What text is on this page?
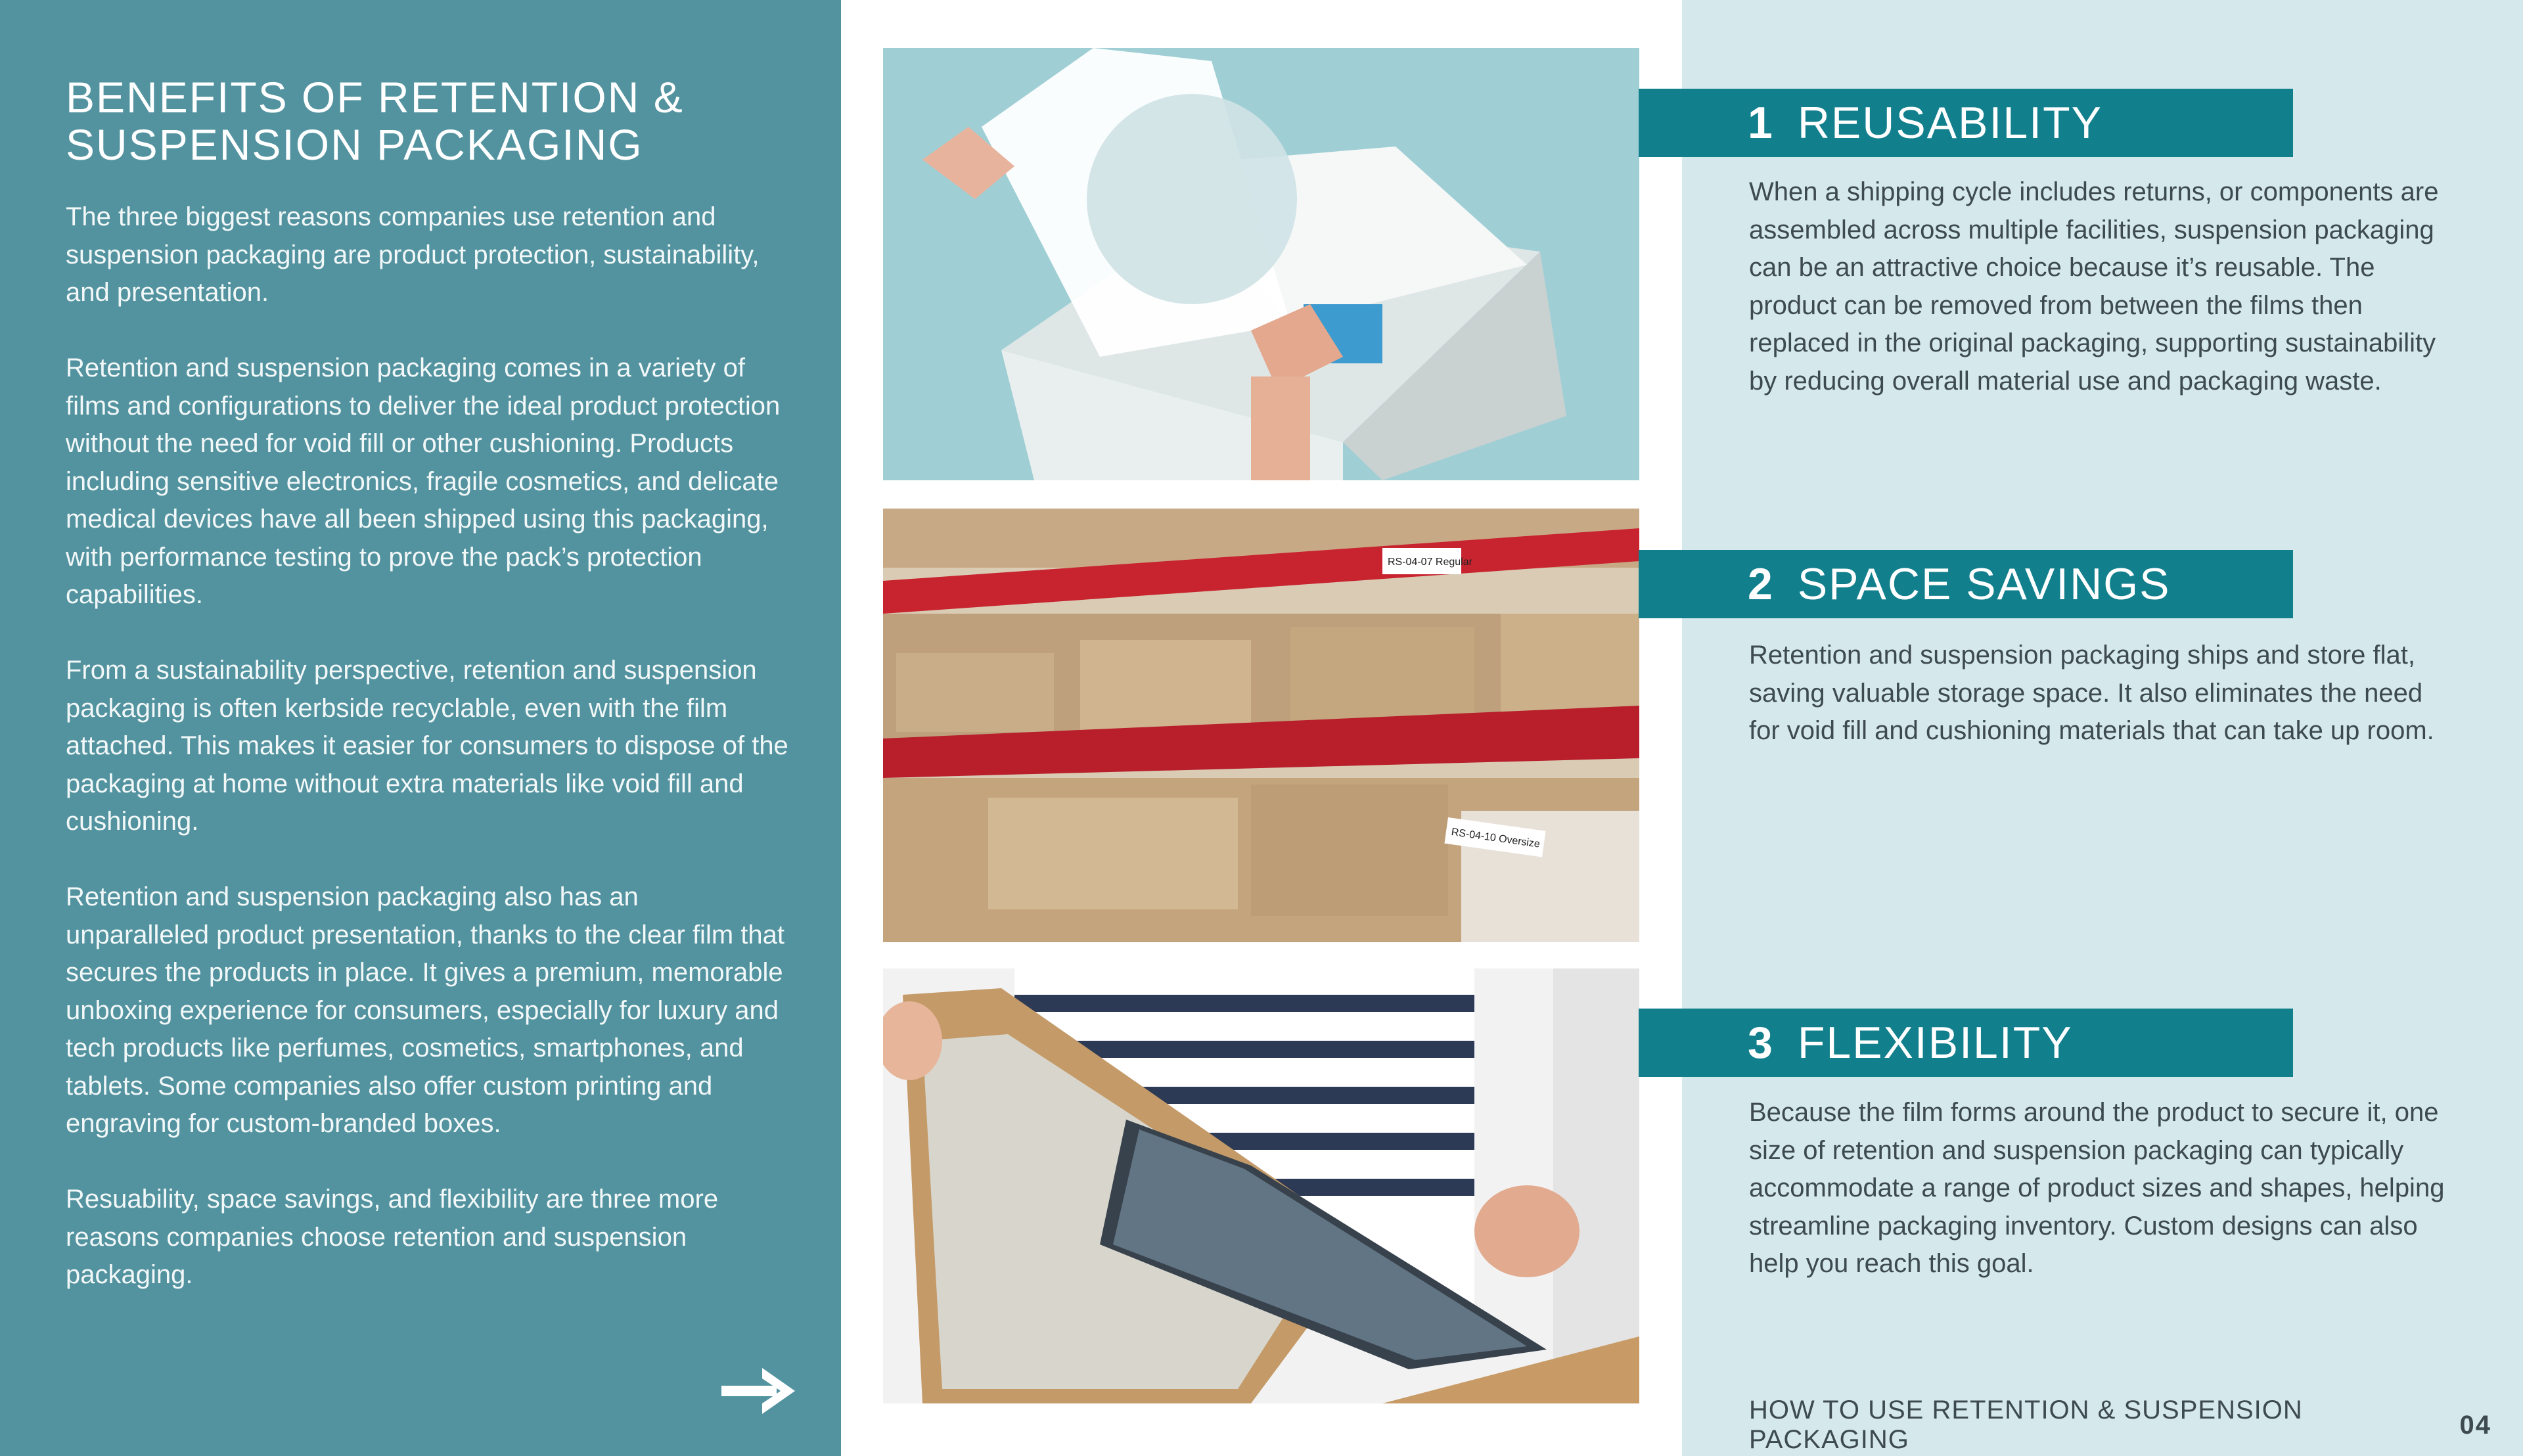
BENEFITS OF RETENTION &
SUSPENSION PACKAGING

The three biggest reasons companies use retention and suspension packaging are product protection, sustainability, and presentation.

Retention and suspension packaging comes in a variety of films and configurations to deliver the ideal product protection without the need for void fill or other cushioning. Products including sensitive electronics, fragile cosmetics, and delicate medical devices have all been shipped using this packaging, with performance testing to prove the pack’s protection capabilities.

From a sustainability perspective, retention and suspension packaging is often kerbside recyclable, even with the film attached. This makes it easier for consumers to dispose of the packaging at home without extra materials like void fill and cushioning.

Retention and suspension packaging also has an unparalleled product presentation, thanks to the clear film that secures the products in place. It gives a premium, memorable unboxing experience for consumers, especially for luxury and tech products like perfumes, cosmetics, smartphones, and tablets. Some companies also offer custom printing and engraving for custom-branded boxes.

Resuability, space savings, and flexibility are three more reasons companies choose retention and suspension packaging.

RS-04-07 Regular
RS-04-10 Oversize
1 REUSABILITY

When a shipping cycle includes returns, or components are assembled across multiple facilities, suspension packaging can be an attractive choice because it’s reusable. The product can be removed from between the films then replaced in the original packaging, supporting sustainability by reducing overall material use and packaging waste.

2 SPACE SAVINGS

Retention and suspension packaging ships and store flat, saving valuable storage space. It also eliminates the need for void fill and cushioning materials that can take up room.

3 FLEXIBILITY

Because the film forms around the product to secure it, one size of retention and suspension packaging can typically accommodate a range of product sizes and shapes, helping streamline packaging inventory. Custom designs can also help you reach this goal.

HOW TO USE RETENTION & SUSPENSION PACKAGING
04
